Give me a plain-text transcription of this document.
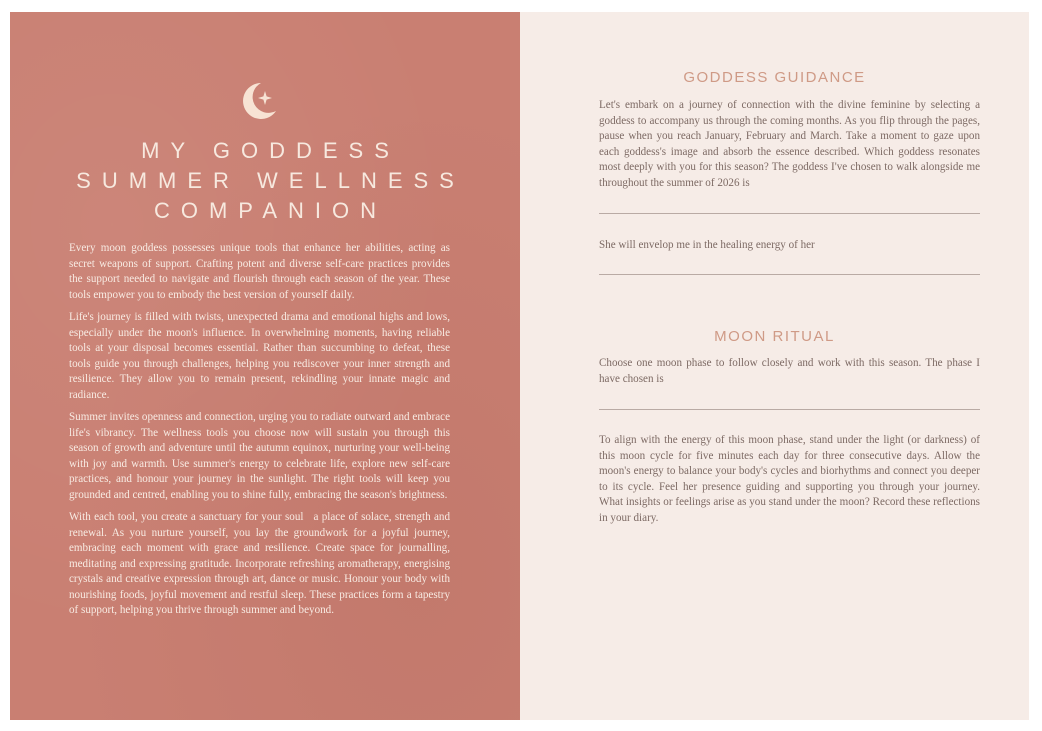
MY GODDESS
SUMMER WELLNESS
COMPANION

Every moon goddess possesses unique tools that enhance her abilities, acting as secret weapons of support. Crafting potent and diverse self-care practices provides the support needed to navigate and flourish through each season of the year. These tools empower you to embody the best version of yourself daily.

Life's journey is filled with twists, unexpected drama and emotional highs and lows, especially under the moon's influence. In overwhelming moments, having reliable tools at your disposal becomes essential. Rather than succumbing to defeat, these tools guide you through challenges, helping you rediscover your inner strength and resilience. They allow you to remain present, rekindling your innate magic and radiance.

Summer invites openness and connection, urging you to radiate outward and embrace life's vibrancy. The wellness tools you choose now will sustain you through this season of growth and adventure until the autumn equinox, nurturing your well-being with joy and warmth. Use summer's energy to celebrate life, explore new self-care practices, and honour your journey in the sunlight. The right tools will keep you grounded and centred, enabling you to shine fully, embracing the season's brightness.

With each tool, you create a sanctuary for your soul   a place of solace, strength and renewal. As you nurture yourself, you lay the groundwork for a joyful journey, embracing each moment with grace and resilience. Create space for journalling, meditating and expressing gratitude. Incorporate refreshing aromatherapy, energising crystals and creative expression through art, dance or music. Honour your body with nourishing foods, joyful movement and restful sleep. These practices form a tapestry of support, helping you thrive through summer and beyond.

GODDESS GUIDANCE
Let's embark on a journey of connection with the divine feminine by selecting a goddess to accompany us through the coming months. As you flip through the pages, pause when you reach January, February and March. Take a moment to gaze upon each goddess's image and absorb the essence described. Which goddess resonates most deeply with you for this season? The goddess I've chosen to walk alongside me throughout the summer of 2026 is
She will envelop me in the healing energy of her
MOON RITUAL
Choose one moon phase to follow closely and work with this season. The phase I have chosen is
To align with the energy of this moon phase, stand under the light (or darkness) of this moon cycle for five minutes each day for three consecutive days. Allow the moon's energy to balance your body's cycles and biorhythms and connect you deeper to its cycle. Feel her presence guiding and supporting you through your journey. What insights or feelings arise as you stand under the moon? Record these reflections in your diary.
